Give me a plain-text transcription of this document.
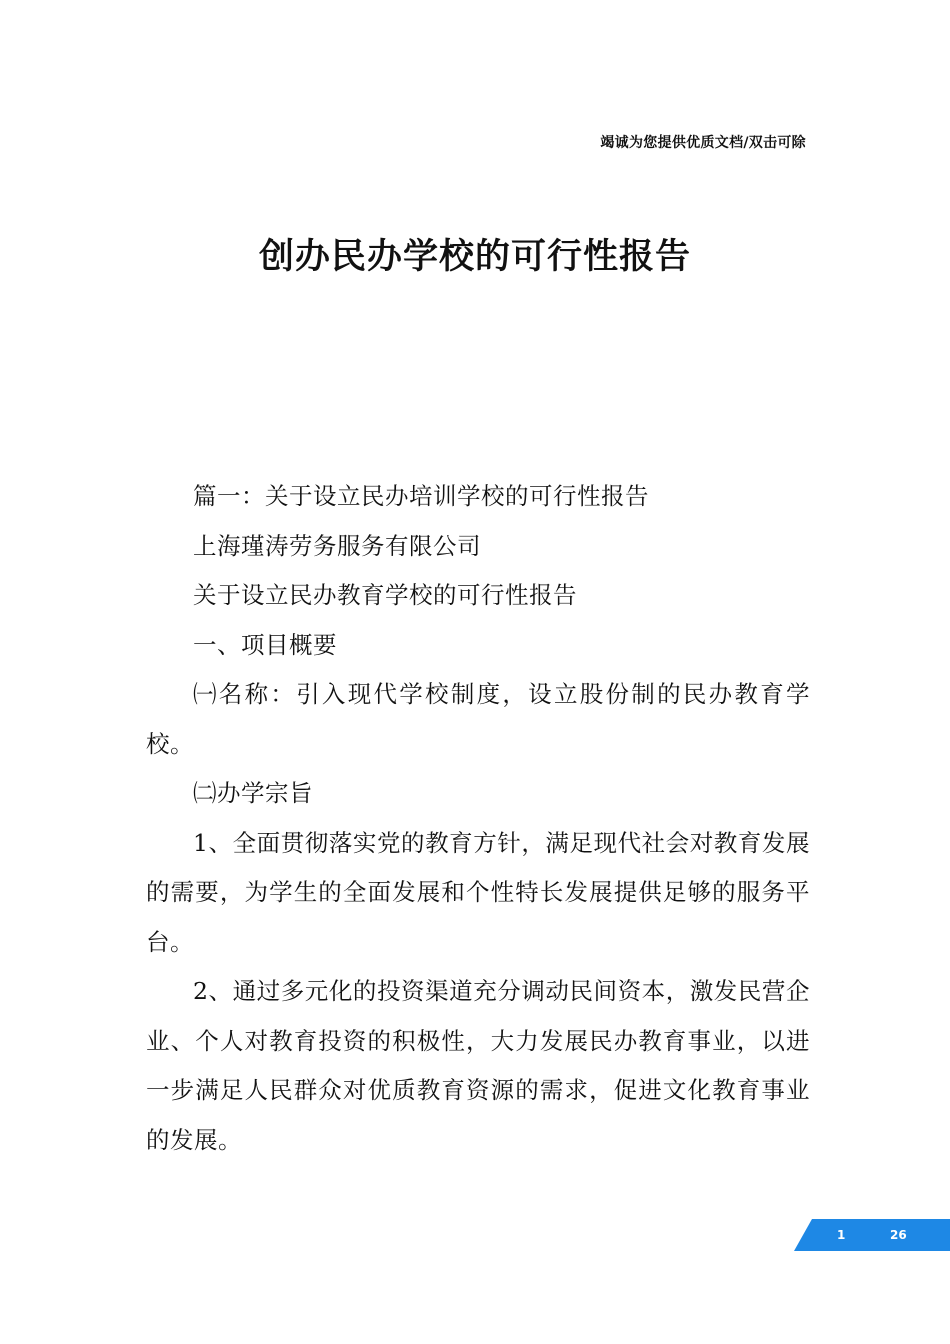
竭诚为您提供优质文档/双击可除
创办民办学校的可行性报告

篇一：关于设立民办培训学校的可行性报告

上海瑾涛劳务服务有限公司

关于设立民办教育学校的可行性报告

一、项目概要

㈠名称：引入现代学校制度，设立股份制的民办教育学校。

㈡办学宗旨

1、全面贯彻落实党的教育方针，满足现代社会对教育发展的需要，为学生的全面发展和个性特长发展提供足够的服务平台。

2、通过多元化的投资渠道充分调动民间资本，激发民营企业、个人对教育投资的积极性，大力发展民办教育事业，以进一步满足人民群众对优质教育资源的需求，促进文化教育事业的发展。

1	26
